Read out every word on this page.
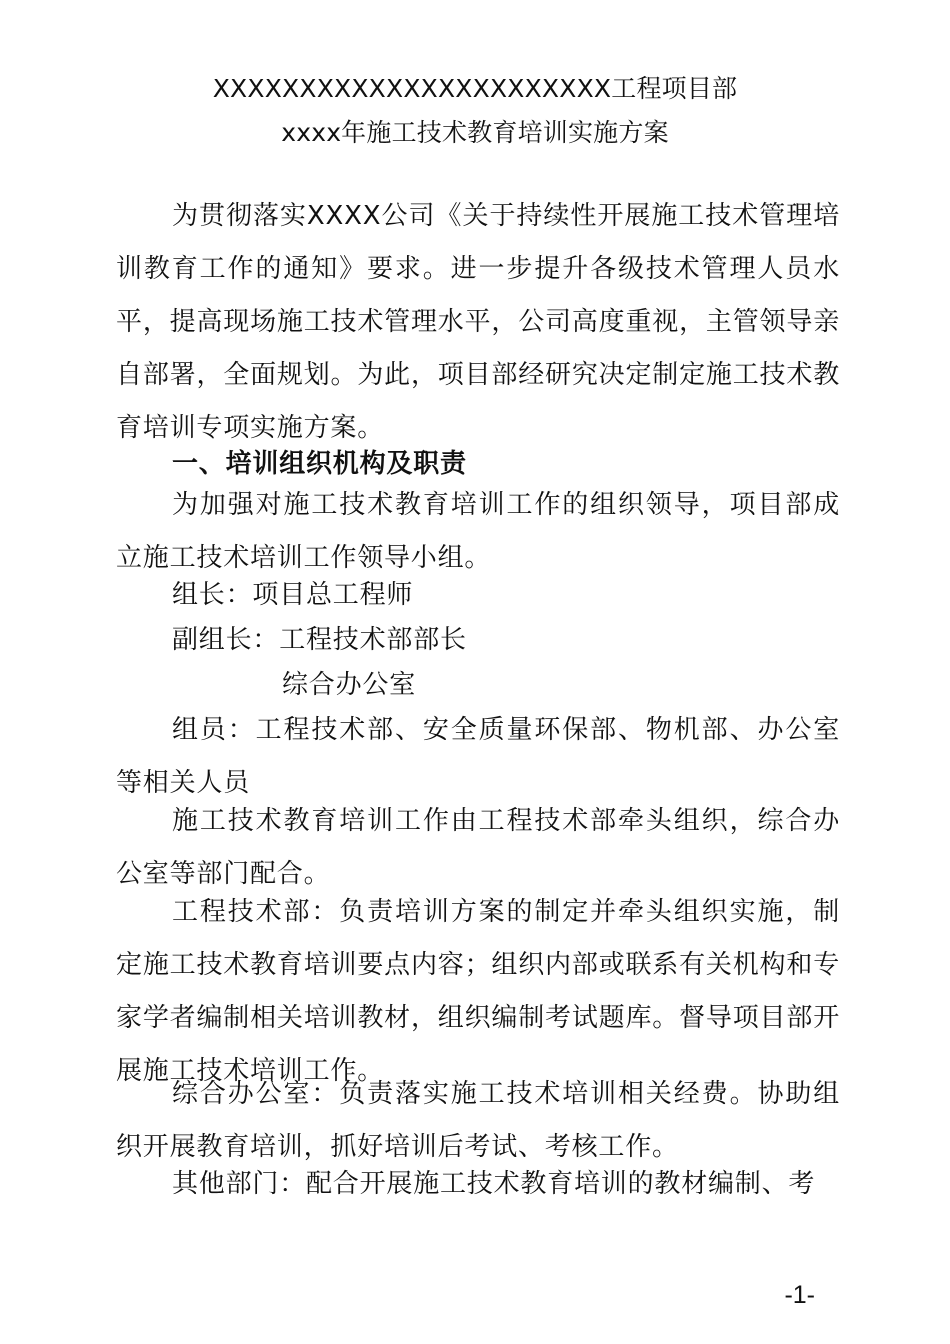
XXXXXXXXXXXXXXXXXXXXXXX工程项目部
xxxx年施工技术教育培训实施方案

为贯彻落实XXXX公司《关于持续性开展施工技术管理培训教育工作的通知》要求。进一步提升各级技术管理人员水平，提高现场施工技术管理水平，公司高度重视，主管领导亲自部署，全面规划。为此，项目部经研究决定制定施工技术教育培训专项实施方案。

一、培训组织机构及职责

为加强对施工技术教育培训工作的组织领导，项目部成立施工技术培训工作领导小组。

组长：项目总工程师

副组长：工程技术部部长

综合办公室

组员：工程技术部、安全质量环保部、物机部、办公室等相关人员

施工技术教育培训工作由工程技术部牵头组织，综合办公室等部门配合。

工程技术部：负责培训方案的制定并牵头组织实施，制定施工技术教育培训要点内容；组织内部或联系有关机构和专家学者编制相关培训教材，组织编制考试题库。督导项目部开展施工技术培训工作。

综合办公室：负责落实施工技术培训相关经费。协助组织开展教育培训，抓好培训后考试、考核工作。

其他部门：配合开展施工技术教育培训的教材编制、考

-1-
